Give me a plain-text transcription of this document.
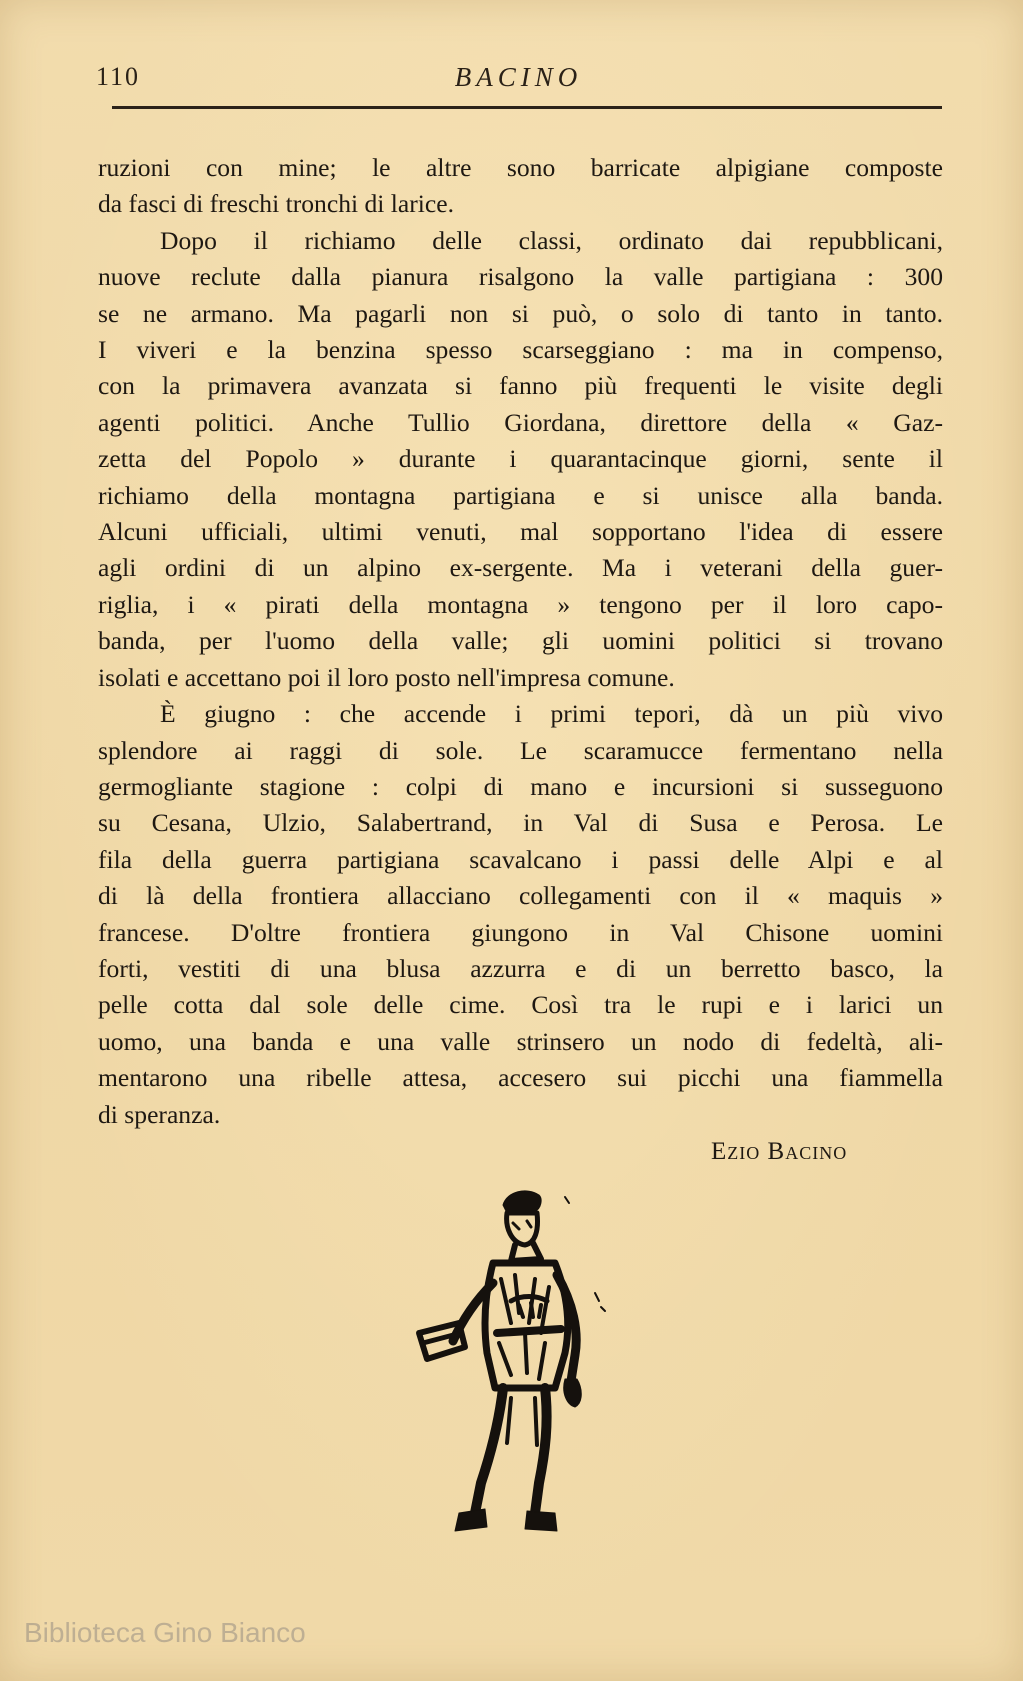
110	BACINO
ruzioni con mine; le altre sono barricate alpigiane composte
da fasci di freschi tronchi di larice.
Dopo il richiamo delle classi, ordinato dai repubblicani,
nuove reclute dalla pianura risalgono la valle partigiana : 300
se ne armano. Ma pagarli non si può, o solo di tanto in tanto.
I viveri e la benzina spesso scarseggiano : ma in compenso,
con la primavera avanzata si fanno più frequenti le visite degli
agenti politici. Anche Tullio Giordana, direttore della « Gaz-
zetta del Popolo » durante i quarantacinque giorni, sente il
richiamo della montagna partigiana e si unisce alla banda.
Alcuni ufficiali, ultimi venuti, mal sopportano l'idea di essere
agli ordini di un alpino ex-sergente. Ma i veterani della guer-
riglia, i « pirati della montagna » tengono per il loro capo-
banda, per l'uomo della valle; gli uomini politici si trovano
isolati e accettano poi il loro posto nell'impresa comune.
È giugno : che accende i primi tepori, dà un più vivo
splendore ai raggi di sole. Le scaramucce fermentano nella
germogliante stagione : colpi di mano e incursioni si susseguono
su Cesana, Ulzio, Salabertrand, in Val di Susa e Perosa. Le
fila della guerra partigiana scavalcano i passi delle Alpi e al
di là della frontiera allacciano collegamenti con il « maquis »
francese. D'oltre frontiera giungono in Val Chisone uomini
forti, vestiti di una blusa azzurra e di un berretto basco, la
pelle cotta dal sole delle cime. Così tra le rupi e i larici un
uomo, una banda e una valle strinsero un nodo di fedeltà, ali-
mentarono una ribelle attesa, accesero sui picchi una fiammella
di speranza.
Ezio Bacino
Biblioteca Gino Bianco
